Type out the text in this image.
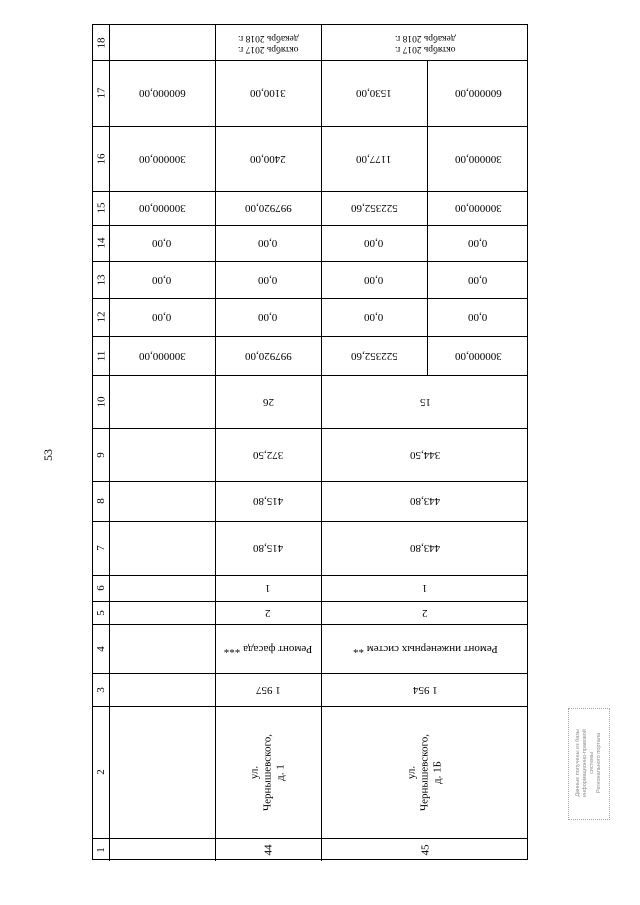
53
18
17
16
15
14
13
12
11
10
9
8
7
6
5
4
3
2
1
600000,00
300000,00
300000,00
0,00
0,00
0,00
300000,00
декабрь 2018 г.
октябрь 2017 г.
3100,00
2400,00
997920,00
0,00
0,00
0,00
997920,00
26
372,50
415,80
415,80
1
2
Ремонт фасада ***
1 957
ул. Чернышевского, д. 1
44
декабрь 2018 г.
октябрь 2017 г.
1530,00
1177,00
522352,60
0,00
0,00
0,00
522352,60
600000,00
300000,00
300000,00
0,00
0,00
0,00
300000,00
15
344,50
443,80
443,80
1
2
Ремонт инженерных систем **
1 954
ул. Чернышевского, д. 1Б
45
Данные получены из базы информационно-правовой системы Регионального портала
